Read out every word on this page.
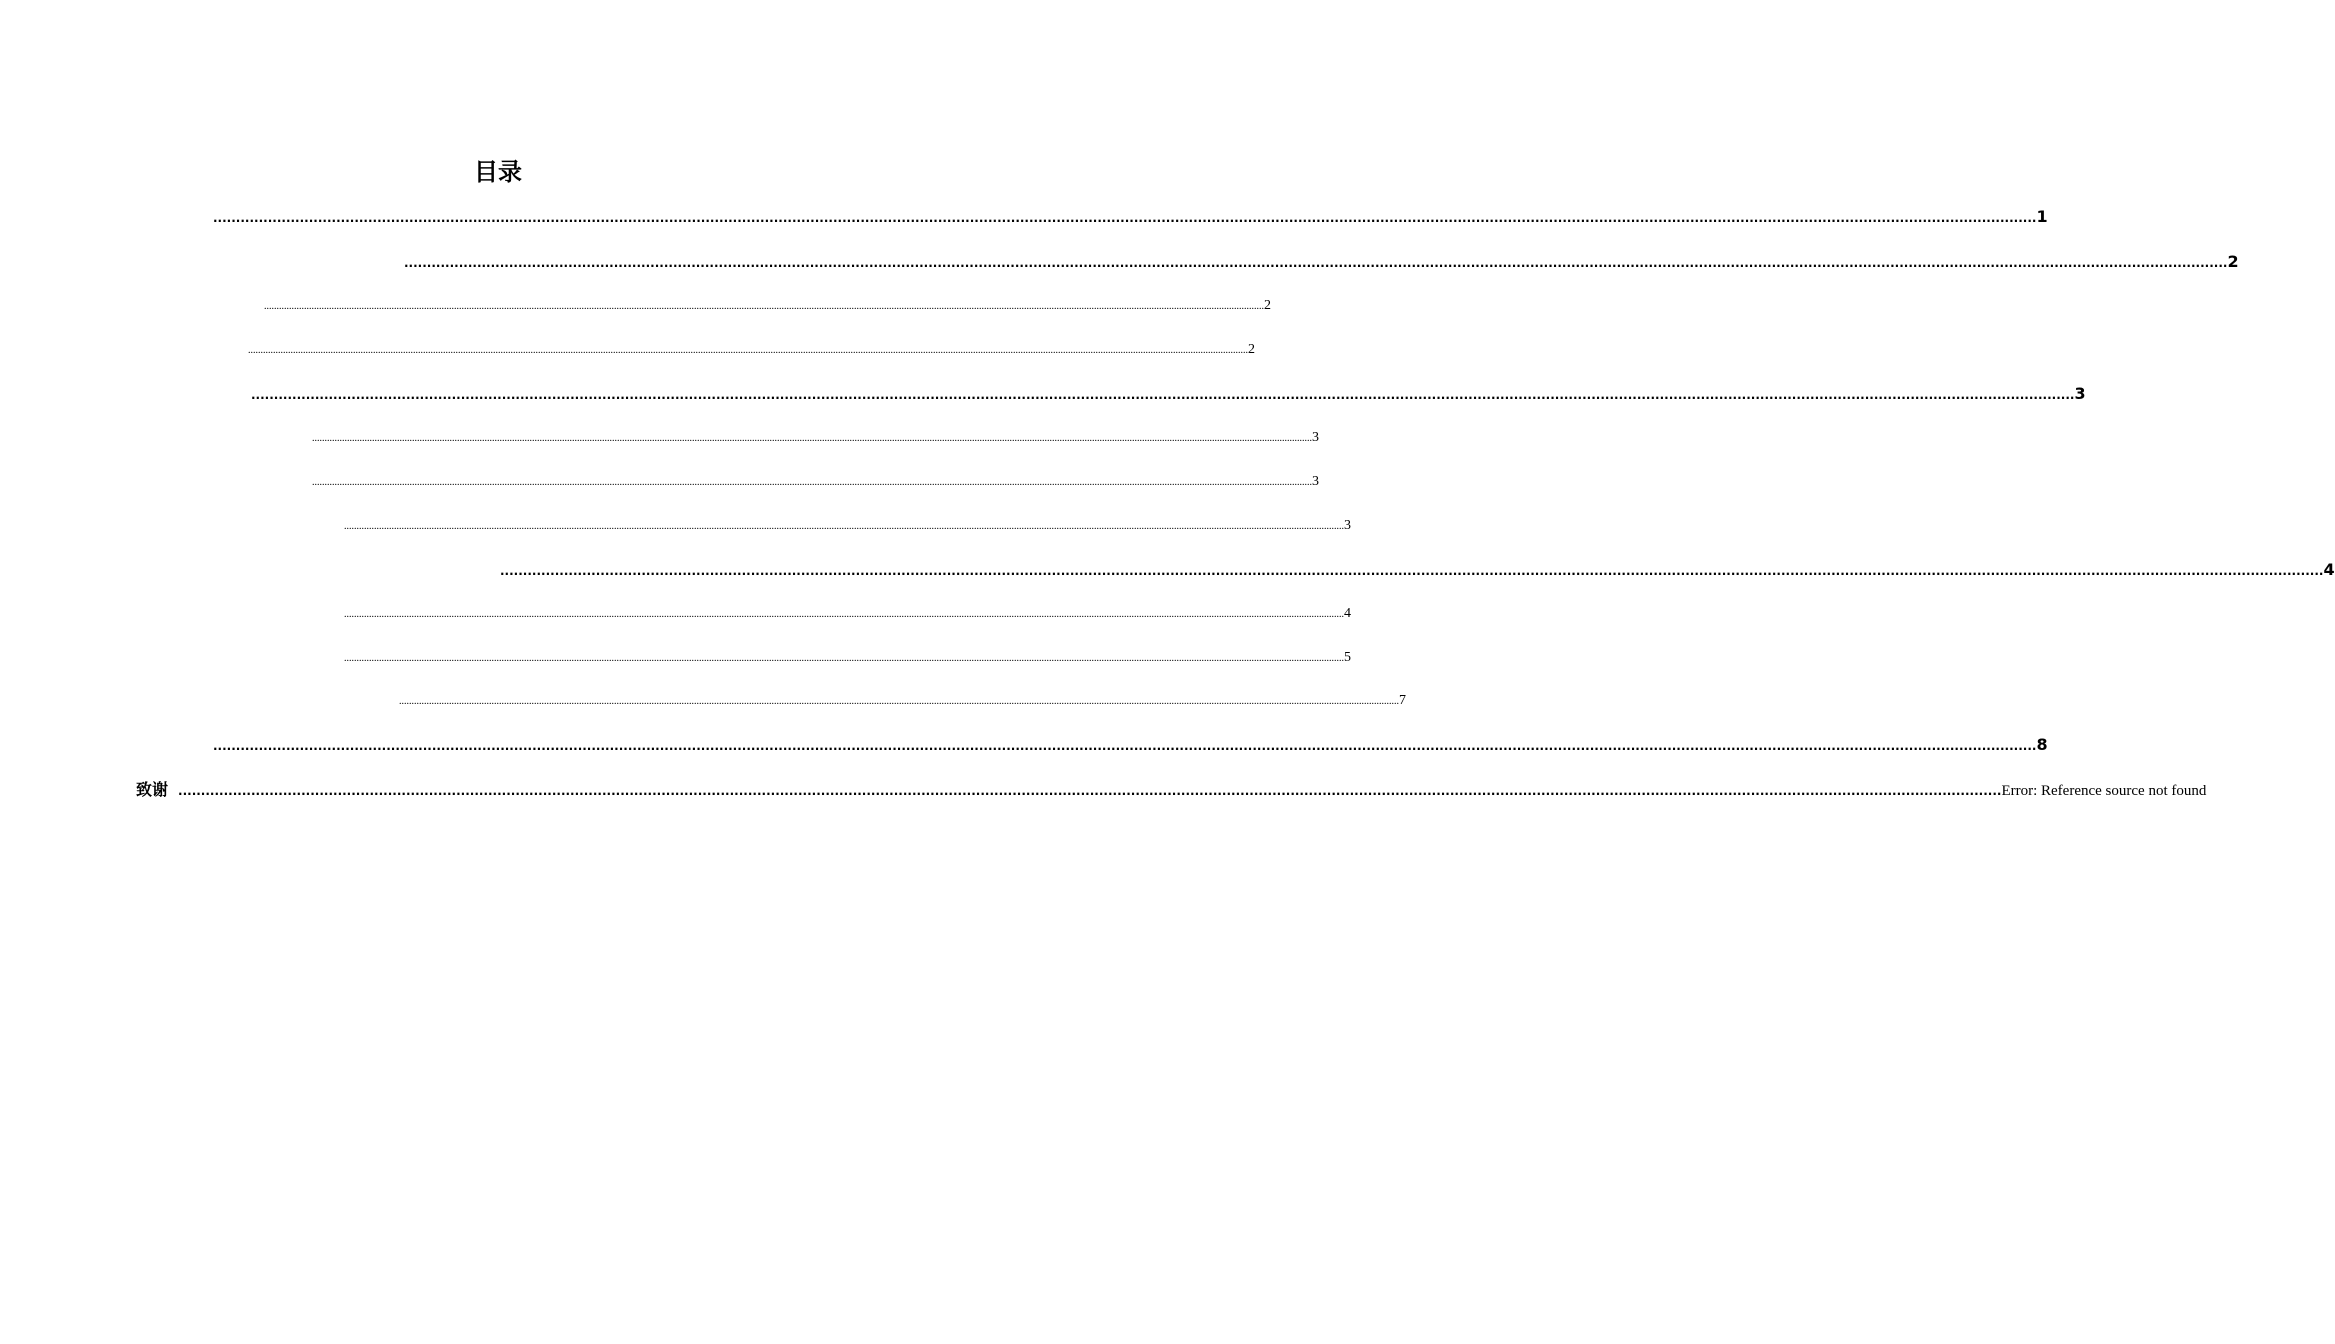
目录
................................................................................................................................................................................................................................................................................................................................................................................................................ 1
................................................................................................................................................................................................................................................................................................................................................................................................................ 2
................................................................................................................................................................................................................................................................................................................................................................................................................ 2
................................................................................................................................................................................................................................................................................................................................................................................................................ 2
................................................................................................................................................................................................................................................................................................................................................................................................................ 3
................................................................................................................................................................................................................................................................................................................................................................................................................ 3
................................................................................................................................................................................................................................................................................................................................................................................................................ 3
................................................................................................................................................................................................................................................................................................................................................................................................................ 3
................................................................................................................................................................................................................................................................................................................................................................................................................ 4
................................................................................................................................................................................................................................................................................................................................................................................................................ 4
................................................................................................................................................................................................................................................................................................................................................................................................................ 5
................................................................................................................................................................................................................................................................................................................................................................................................................ 7
................................................................................................................................................................................................................................................................................................................................................................................................................ 8
致谢 ................................................................................................................................................................................................................................................................................................................................................................................................................ Error: Reference source not found
